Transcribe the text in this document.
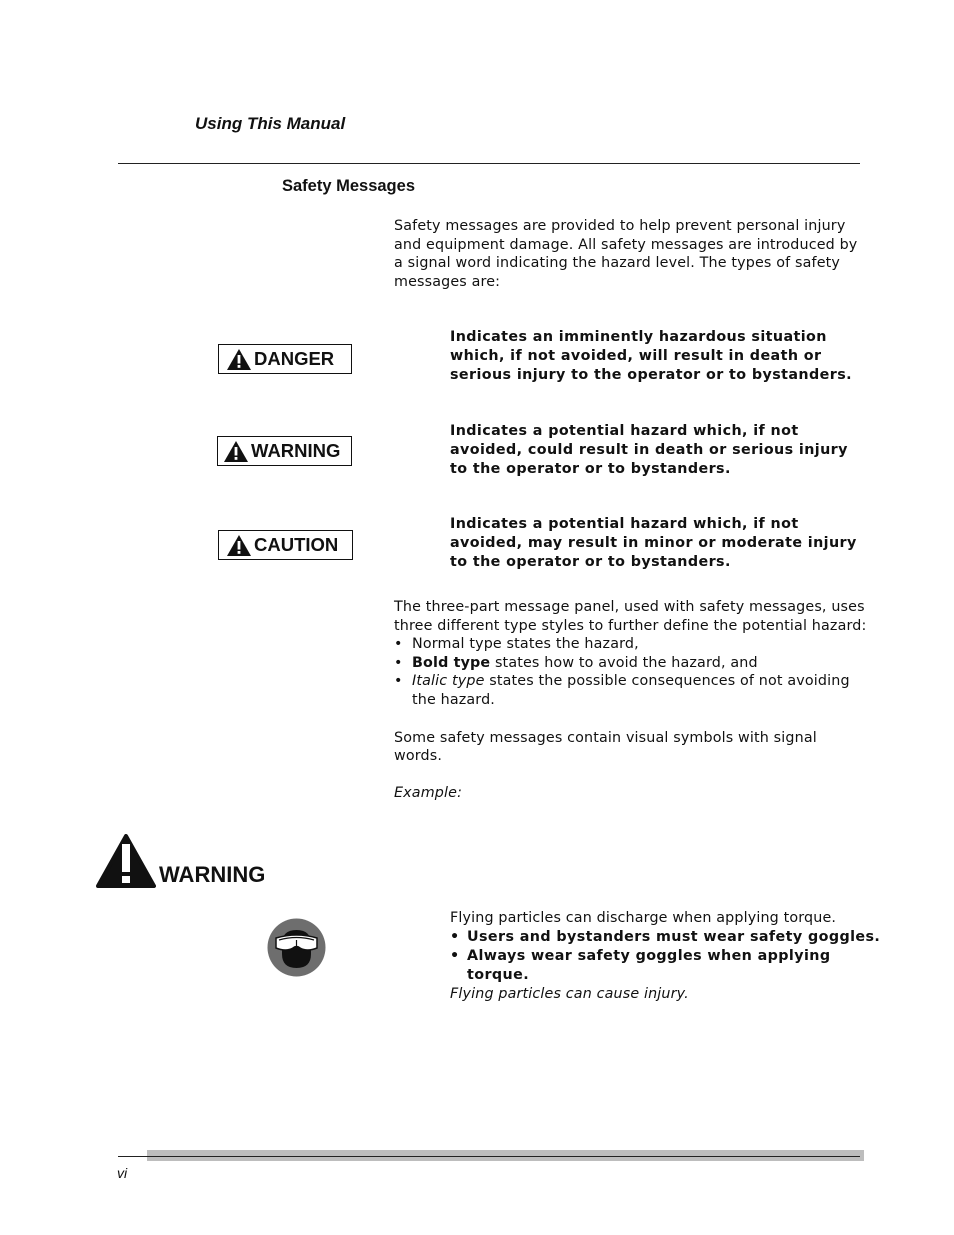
Using This Manual
Safety Messages
Safety messages are provided to help prevent personal injury and equipment damage. All safety messages are introduced by a signal word indicating the hazard level. The types of safety messages are:
DANGER
Indicates an imminently hazardous situation which, if not avoided, will result in death or serious injury to the operator or to bystanders.
WARNING
Indicates a potential hazard which, if not avoided, could result in death or serious injury to the operator or to bystanders.
CAUTION
Indicates a potential hazard which, if not avoided, may result in minor or moderate injury to the operator or to bystanders.
The three-part message panel, used with safety messages, uses three different type styles to further define the potential hazard:
• Normal type states the hazard,
• Bold type states how to avoid the hazard, and
• Italic type states the possible consequences of not avoiding the hazard.
Some safety messages contain visual symbols with signal words.
Example:
WARNING
Flying particles can discharge when applying torque.
• Users and bystanders must wear safety goggles.
• Always wear safety goggles when applying torque.
Flying particles can cause injury.
vi
